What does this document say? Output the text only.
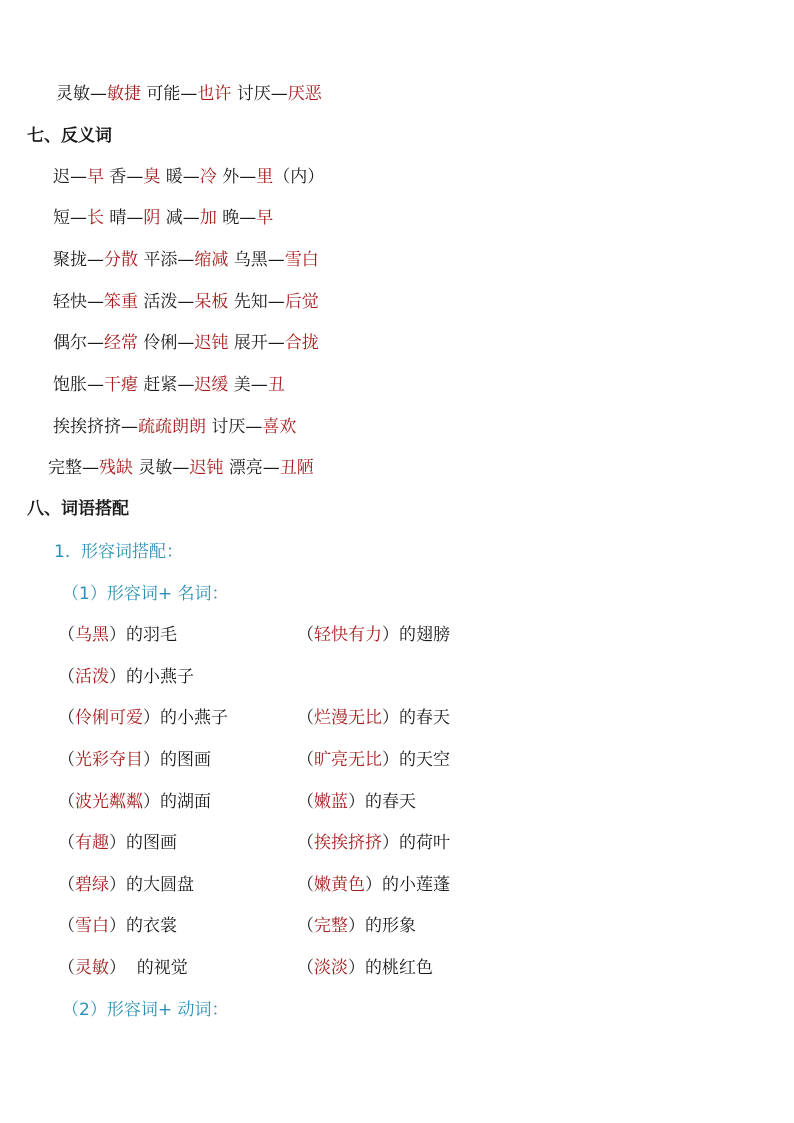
灵敏—敏捷 可能—也许 讨厌—厌恶
七、反义词
迟—早 香—臭 暖—冷 外—里（内）
短—长 晴—阴 减—加 晚—早
聚拢—分散 平添—缩减 乌黑—雪白
轻快—笨重 活泼—呆板 先知—后觉
偶尔—经常 伶俐—迟钝 展开—合拢
饱胀—干瘪 赶紧—迟缓 美—丑
挨挨挤挤—疏疏朗朗 讨厌—喜欢
完整—残缺 灵敏—迟钝 漂亮—丑陋
八、词语搭配
1.  形容词搭配：
（1）形容词+ 名词：
（乌黑）的羽毛	（轻快有力）的翅膀
（活泼）的小燕子
（伶俐可爱）的小燕子	（烂漫无比）的春天
（光彩夺目）的图画	（旷亮无比）的天空
（波光粼粼）的湖面	（嫩蓝）的春天
（有趣）的图画	（挨挨挤挤）的荷叶
（碧绿）的大圆盘	（嫩黄色）的小莲蓬
（雪白）的衣裳	（完整）的形象
（灵敏）  的视觉	（淡淡）的桃红色
（2）形容词+ 动词：
